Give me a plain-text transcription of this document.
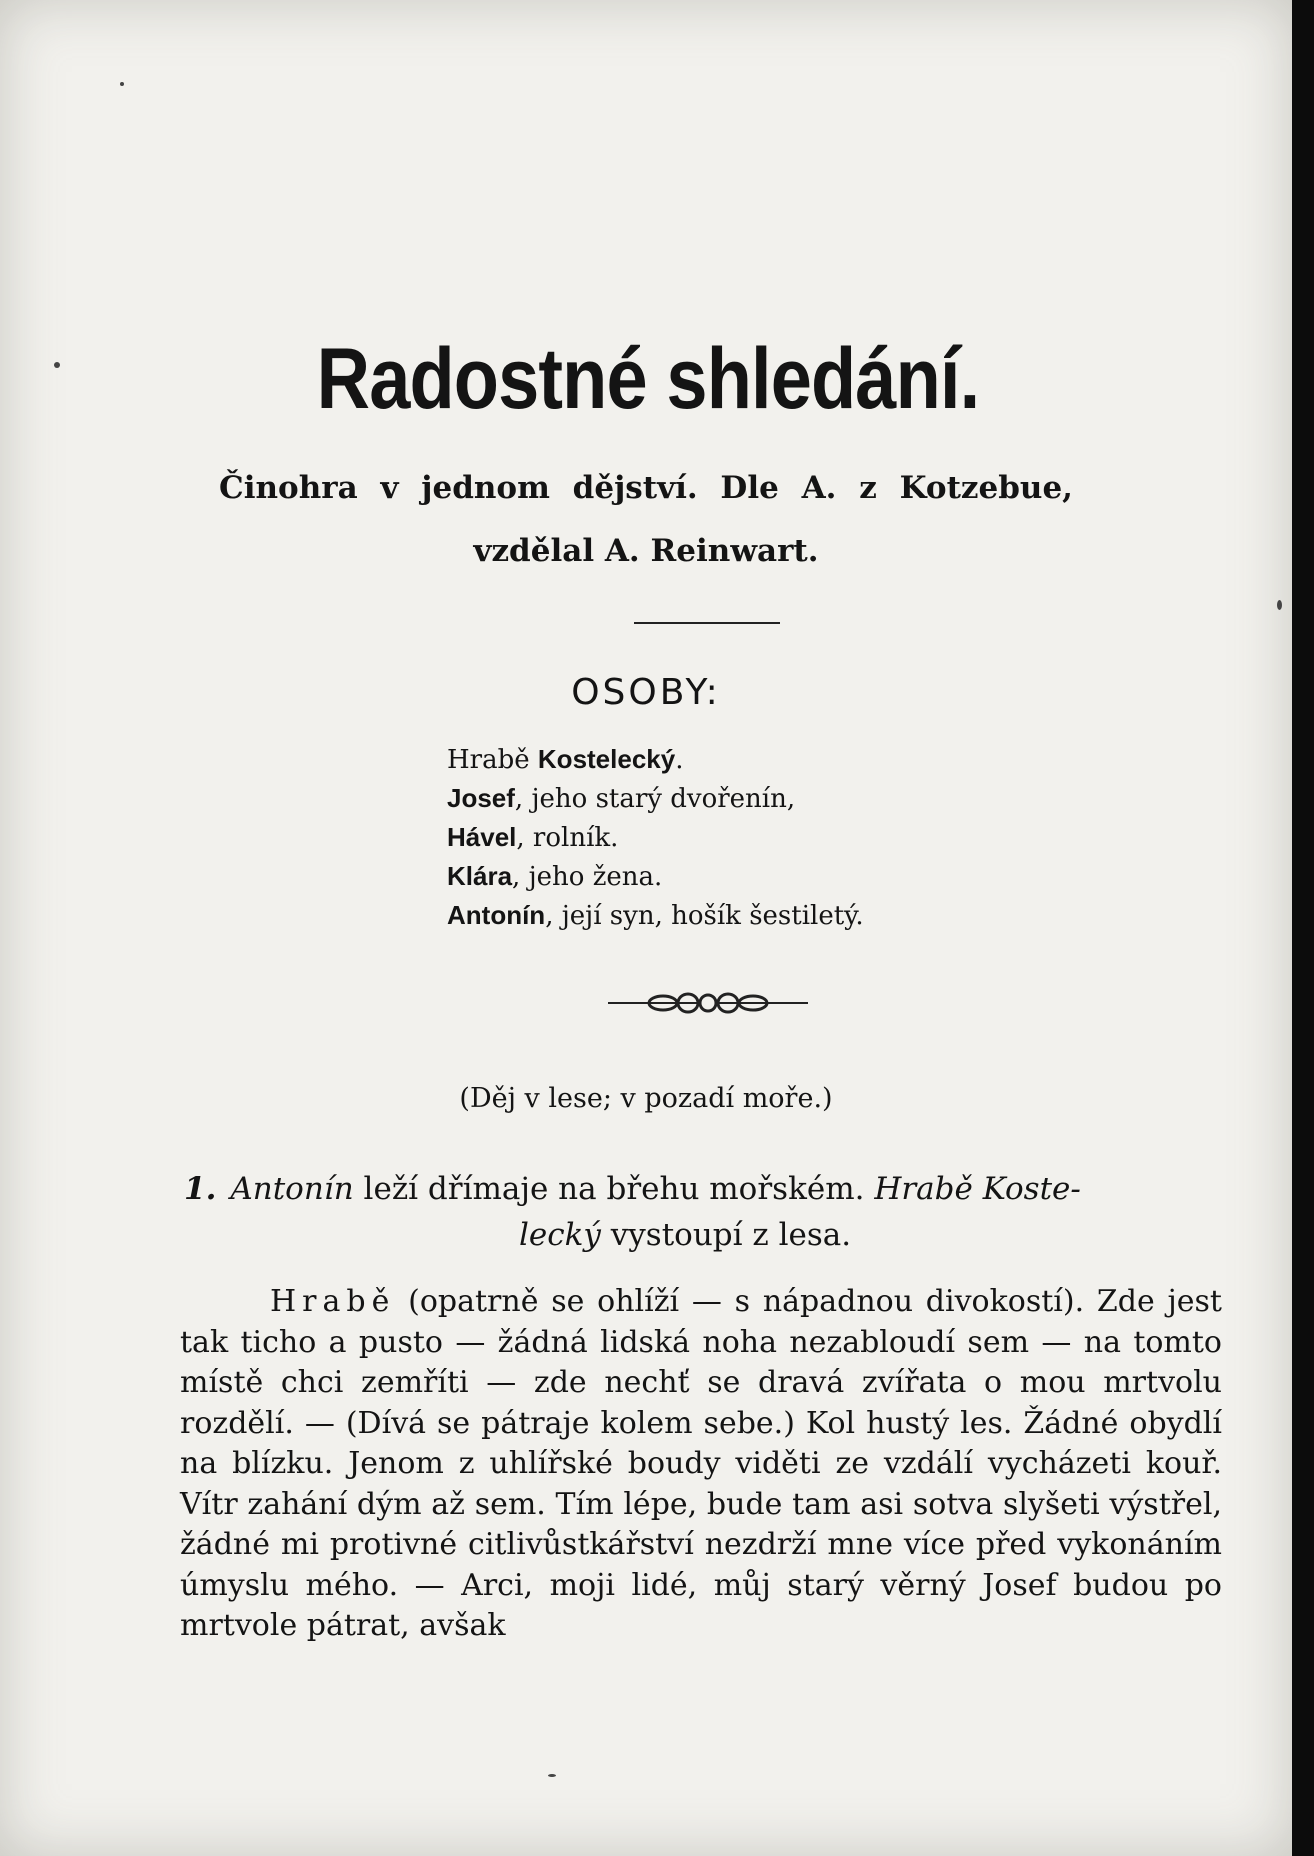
Radostné shledání.
Činohra v jednom dějství. Dle A. z Kotzebue,
vzdělal A. Reinwart.
OSOBY:
Hrabě Kostelecký.
Josef, jeho starý dvořenín,
Hável, rolník.
Klára, jeho žena.
Antonín, její syn, hošík šestiletý.
(Děj v lese; v pozadí moře.)
1. Antonín leží dřímaje na břehu mořském. Hrabě Koste-
lecký vystoupí z lesa.

Hrabě (opatrně se ohlíží — s nápadnou divokostí). Zde jest tak ticho a pusto — žádná lidská noha nezabloudí sem — na tomto místě chci zemříti — zde nechť se dravá zvířata o mou mrtvolu rozdělí. — (Dívá se pátraje kolem sebe.) Kol hustý les. Žádné obydlí na blízku. Jenom z uhlířské boudy viděti ze vzdálí vycházeti kouř. Vítr zahání dým až sem. Tím lépe, bude tam asi sotva slyšeti výstřel, žádné mi protivné citlivůstkářství nezdrží mne více před vykonáním úmyslu mého. — Arci, moji lidé, můj starý věrný Josef budou po mrtvole pátrat, avšak
